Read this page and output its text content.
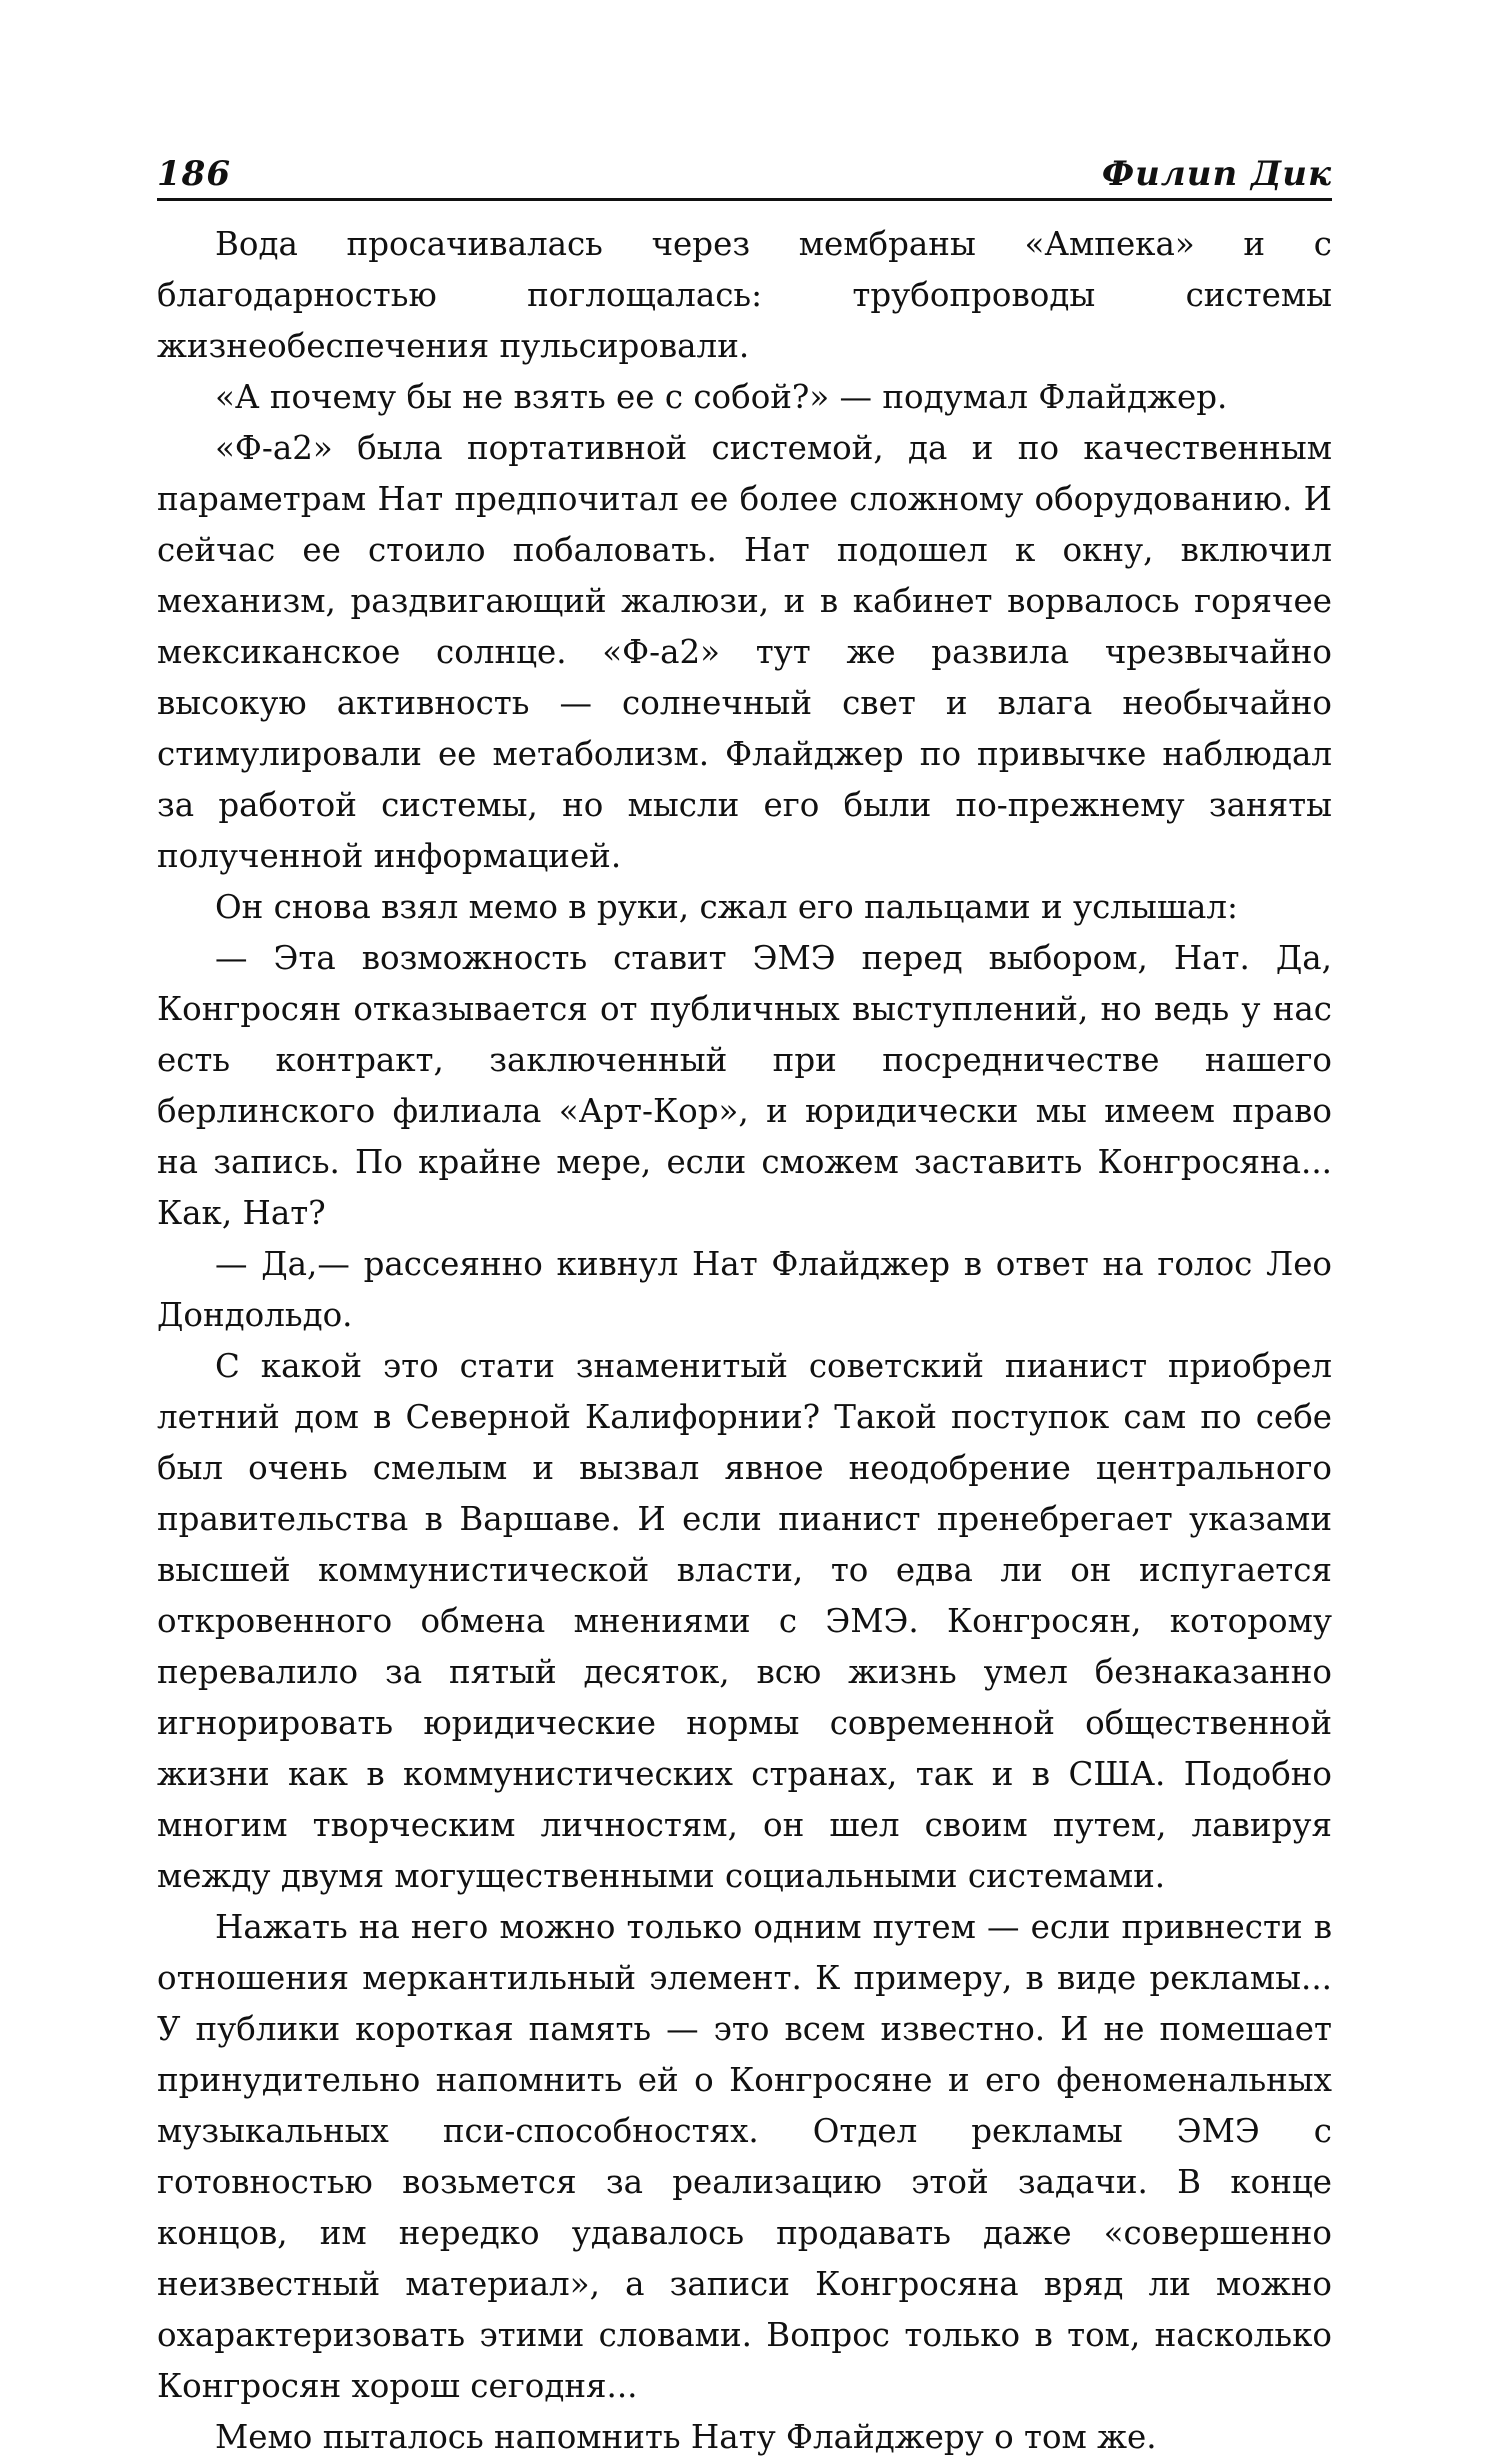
186	Филип Дик

Вода просачивалась через мембраны «Ампека» и с благодарностью поглощалась: трубопроводы системы жизнеобеспечения пульсировали.

«А почему бы не взять ее с собой?» — подумал Флайджер.

«Ф-а2» была портативной системой, да и по качественным параметрам Нат предпочитал ее более сложному оборудованию. И сейчас ее стоило побаловать. Нат подошел к окну, включил механизм, раздвигающий жалюзи, и в кабинет ворвалось горячее мексиканское солнце. «Ф-а2» тут же развила чрезвычайно высокую активность — солнечный свет и влага необычайно стимулировали ее метаболизм. Флайджер по привычке наблюдал за работой системы, но мысли его были по-прежнему заняты полученной информацией.

Он снова взял мемо в руки, сжал его пальцами и услышал:

— Эта возможность ставит ЭМЭ перед выбором, Нат. Да, Конгросян отказывается от публичных выступлений, но ведь у нас есть контракт, заключенный при посредничестве нашего берлинского филиала «Арт-Кор», и юридически мы имеем право на запись. По крайне мере, если сможем заставить Конгросяна... Как, Нат?

— Да,— рассеянно кивнул Нат Флайджер в ответ на голос Лео Дондольдо.

С какой это стати знаменитый советский пианист приобрел летний дом в Северной Калифорнии? Такой поступок сам по себе был очень смелым и вызвал явное неодобрение центрального правительства в Варшаве. И если пианист пренебрегает указами высшей коммунистической власти, то едва ли он испугается откровенного обмена мнениями с ЭМЭ. Конгросян, которому перевалило за пятый десяток, всю жизнь умел безнаказанно игнорировать юридические нормы современной общественной жизни как в коммунистических странах, так и в США. Подобно многим творческим личностям, он шел своим путем, лавируя между двумя могущественными социальными системами.

Нажать на него можно только одним путем — если привнести в отношения меркантильный элемент. К примеру, в виде рекламы... У публики короткая память — это всем известно. И не помешает принудительно напомнить ей о Конгросяне и его феноменальных музыкальных пси-способностях. Отдел рекламы ЭМЭ с готовностью возьмется за реализацию этой задачи. В конце концов, им нередко удавалось продавать даже «совершенно неизвестный материал», а записи Конгросяна вряд ли можно охарактеризовать этими словами. Вопрос только в том, насколько Конгросян хорош сегодня...

Мемо пыталось напомнить Нату Флайджеру о том же.
